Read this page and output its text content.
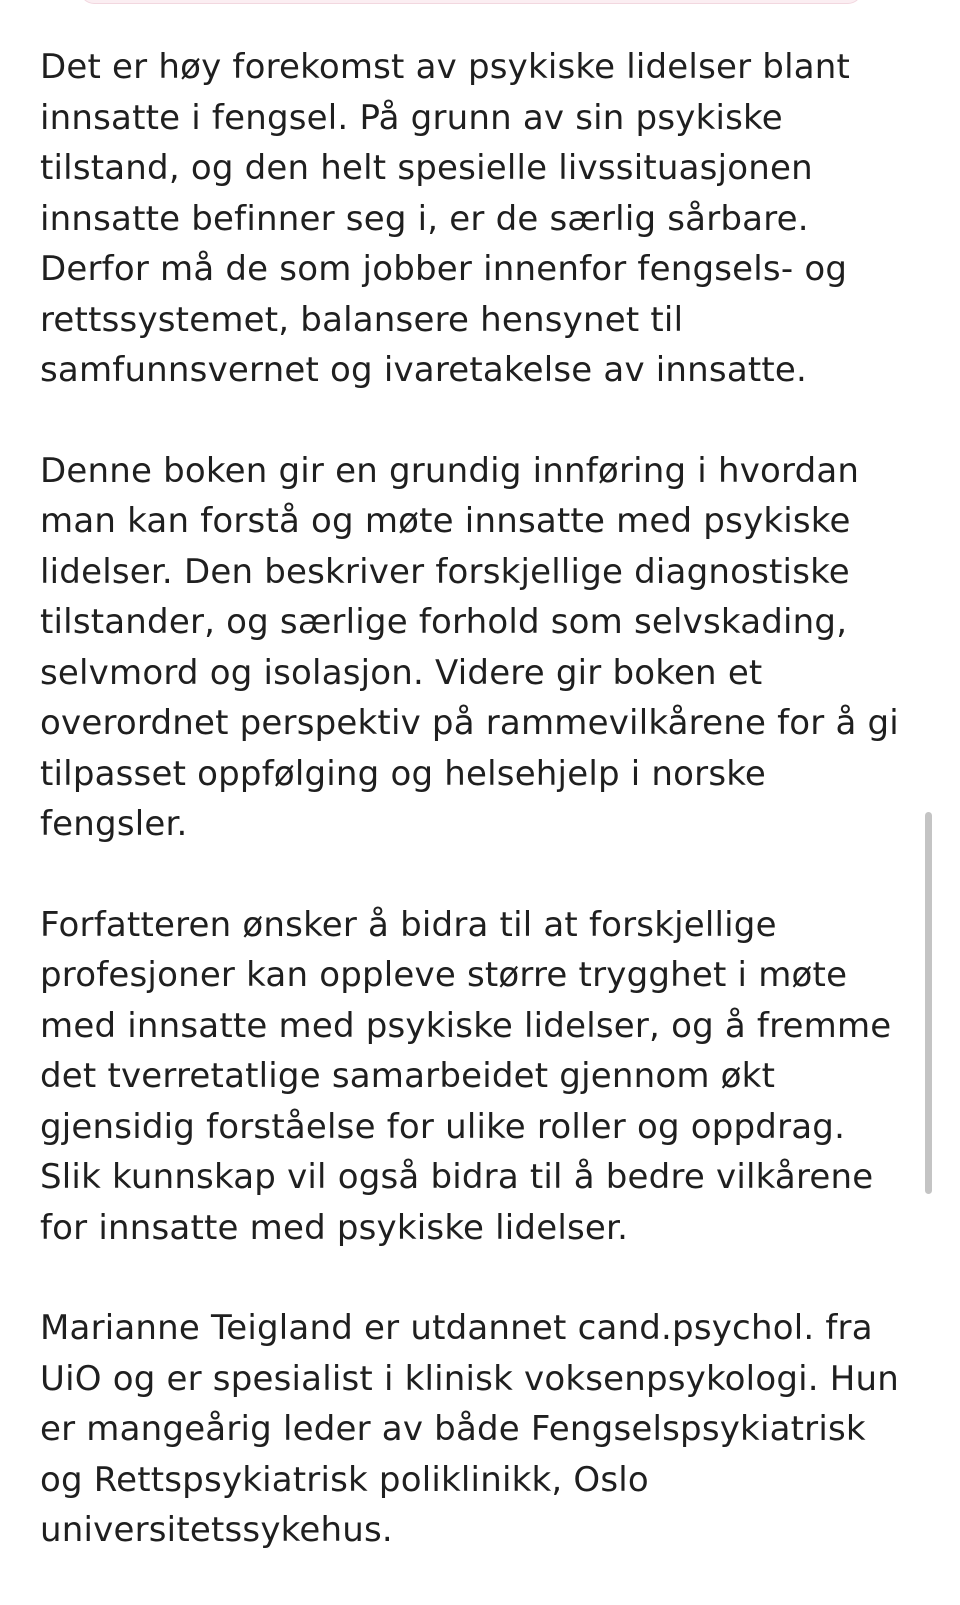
Det er høy forekomst av psykiske lidelser blant innsatte i fengsel. På grunn av sin psykiske tilstand, og den helt spesielle livssituasjonen innsatte befinner seg i, er de særlig sårbare. Derfor må de som jobber innenfor fengsels- og rettssystemet, balansere hensynet til samfunnsvernet og ivaretakelse av innsatte.

Denne boken gir en grundig innføring i hvordan man kan forstå og møte innsatte med psykiske lidelser. Den beskriver forskjellige diagnostiske tilstander, og særlige forhold som selvskading, selvmord og isolasjon. Videre gir boken et overordnet perspektiv på rammevilkårene for å gi tilpasset oppfølging og helsehjelp i norske fengsler.

Forfatteren ønsker å bidra til at forskjellige profesjoner kan oppleve større trygghet i møte med innsatte med psykiske lidelser, og å fremme det tverretatlige samarbeidet gjennom økt gjensidig forståelse for ulike roller og oppdrag. Slik kunnskap vil også bidra til å bedre vilkårene for innsatte med psykiske lidelser.

Marianne Teigland er utdannet cand.psychol. fra UiO og er spesialist i klinisk voksenpsykologi. Hun er mangeårig leder av både Fengselspsykiatrisk og Rettspsykiatrisk poliklinikk, Oslo universitetssykehus.
